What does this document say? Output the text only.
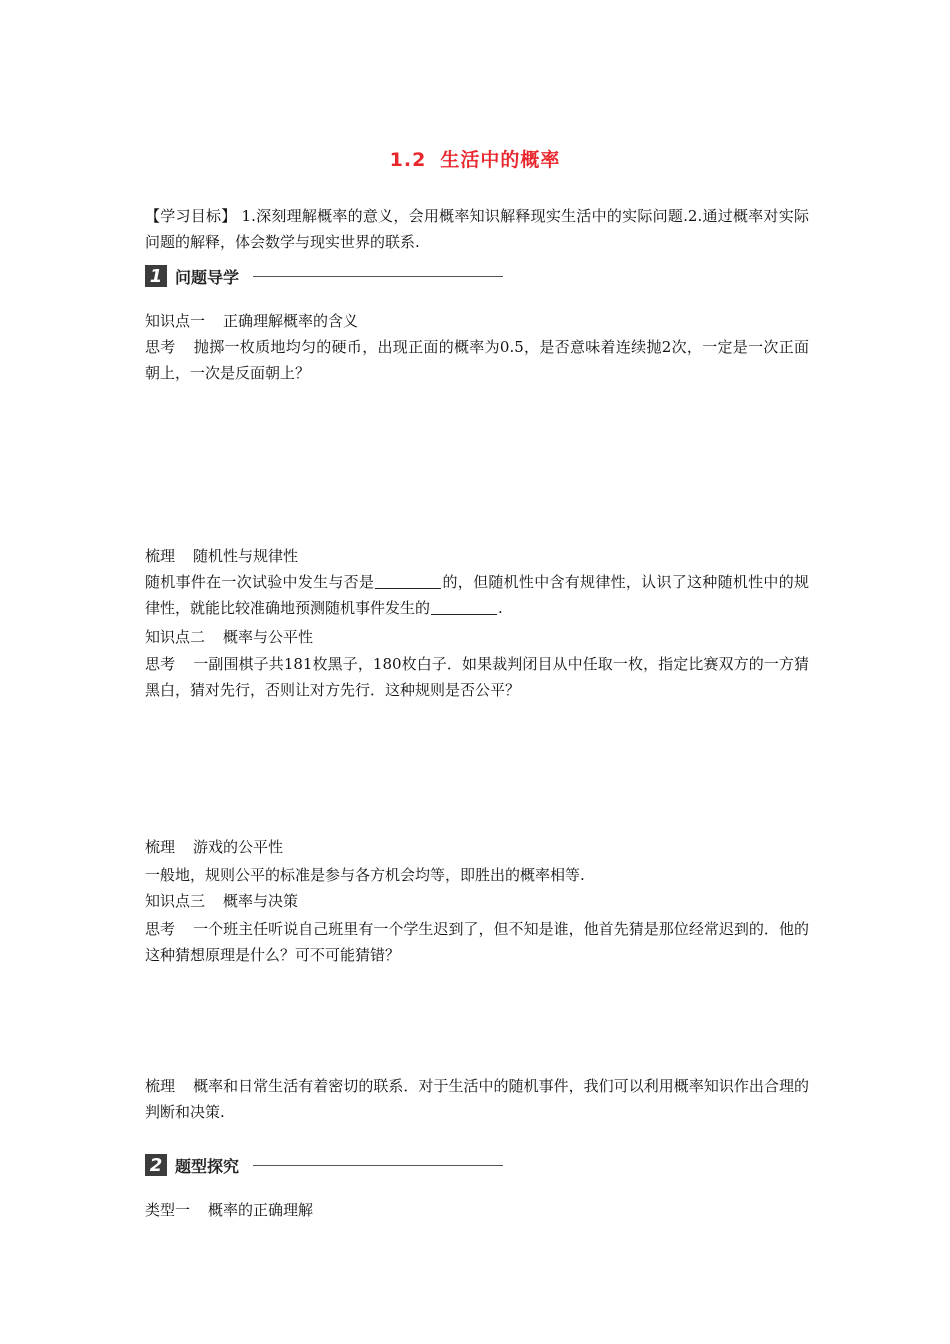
1.2 生活中的概率
【学习目标】 1.深刻理解概率的意义，会用概率知识解释现实生活中的实际问题.2.通过概率对实际问题的解释，体会数学与现实世界的联系.
1 问题导学
知识点一 正确理解概率的含义
思考 抛掷一枚质地均匀的硬币，出现正面的概率为0.5，是否意味着连续抛2次，一定是一次正面朝上，一次是反面朝上？
梳理 随机性与规律性
随机事件在一次试验中发生与否是	的，但随机性中含有规律性，认识了这种随机性中的规律性，就能比较准确地预测随机事件发生的	.
知识点二 概率与公平性
思考 一副围棋子共181枚黑子，180枚白子．如果裁判闭目从中任取一枚，指定比赛双方的一方猜黑白，猜对先行，否则让对方先行．这种规则是否公平？
梳理 游戏的公平性
一般地，规则公平的标准是参与各方机会均等，即胜出的概率相等.
知识点三 概率与决策
思考 一个班主任听说自己班里有一个学生迟到了，但不知是谁，他首先猜是那位经常迟到的．他的这种猜想原理是什么？可不可能猜错？
梳理 概率和日常生活有着密切的联系．对于生活中的随机事件，我们可以利用概率知识作出合理的判断和决策.
2 题型探究
类型一 概率的正确理解
